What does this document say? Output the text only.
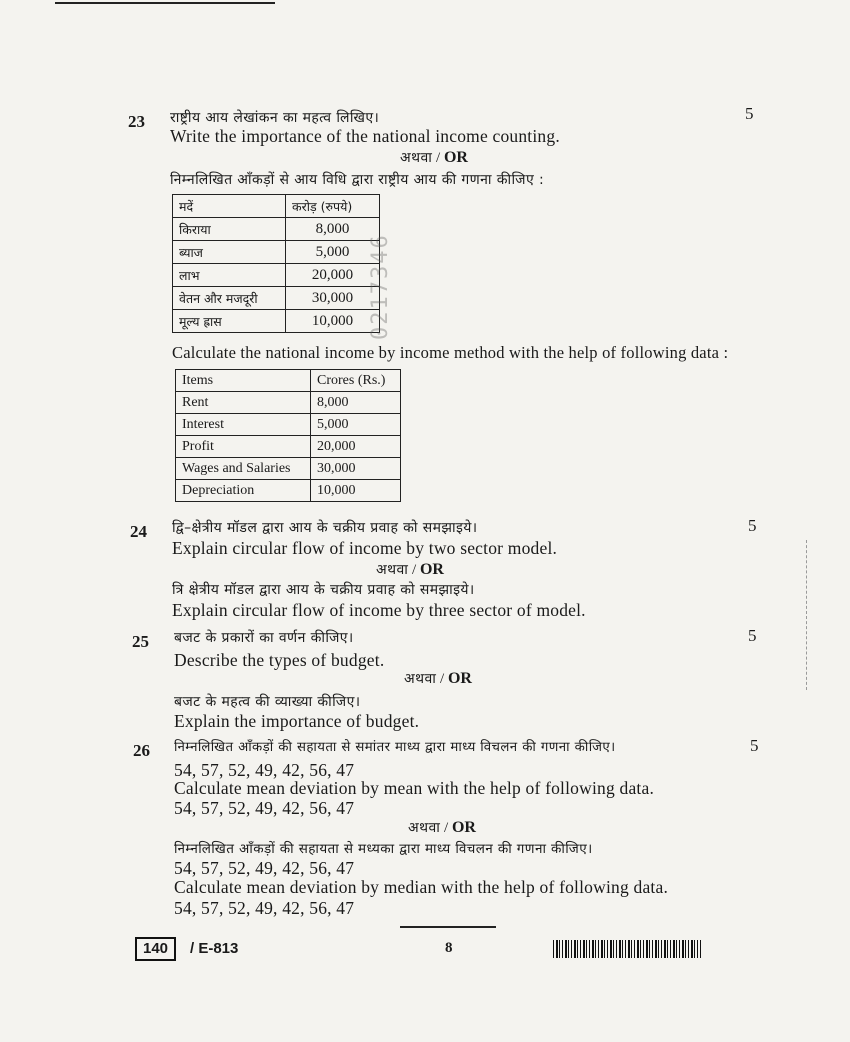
23 राष्ट्रीय आय लेखांकन का महत्व लिखिए।	5
Write the importance of the national income counting.
अथवा / OR
निम्नलिखित आँकड़ों से आय विधि द्वारा राष्ट्रीय आय की गणना कीजिए :
मदें	करोड़ (रुपये)
किराया	8,000
ब्याज	5,000
लाभ	20,000
वेतन और मजदूरी	30,000
मूल्य ह्रास	10,000 0217346
Calculate the national income by income method with the help of following data :
Items	Crores (Rs.)
Rent	8,000
Interest	5,000
Profit	20,000
Wages and Salaries	30,000
Depreciation	10,000
24 द्वि–क्षेत्रीय मॉडल द्वारा आय के चक्रीय प्रवाह को समझाइये।	5
Explain circular flow of income by two sector model.
अथवा / OR
त्रि क्षेत्रीय मॉडल द्वारा आय के चक्रीय प्रवाह को समझाइये।
Explain circular flow of income by three sector of model.
25 बजट के प्रकारों का वर्णन कीजिए।	5
Describe the types of budget.
अथवा / OR
बजट के महत्व की व्याख्या कीजिए।
Explain the importance of budget.
26 निम्नलिखित आँकड़ों की सहायता से समांतर माध्य द्वारा माध्य विचलन की गणना कीजिए।	5
54, 57, 52, 49, 42, 56, 47
Calculate mean deviation by mean with the help of following data.
54, 57, 52, 49, 42, 56, 47
अथवा / OR
निम्नलिखित आँकड़ों की सहायता से मध्यका द्वारा माध्य विचलन की गणना कीजिए।
54, 57, 52, 49, 42, 56, 47
Calculate mean deviation by median with the help of following data.
54, 57, 52, 49, 42, 56, 47
140	/ E-813	8
